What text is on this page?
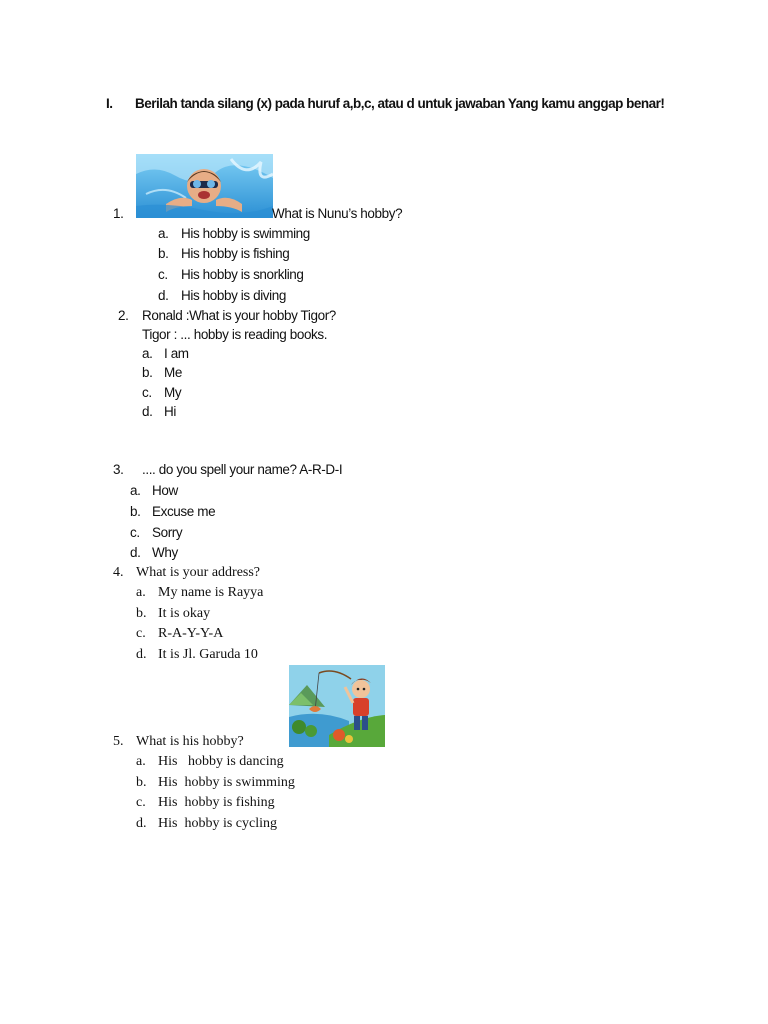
I. Berilah tanda silang (x) pada huruf a,b,c, atau d untuk jawaban Yang kamu anggap benar!
1.	What is Nunu’s hobby?
a. His hobby is swimming
b. His hobby is fishing
c. His hobby is snorkling
d. His hobby is diving
2. Ronald :What is your hobby Tigor?
Tigor : ... hobby is reading books.
a. I am
b. Me
c. My
d. Hi
3. .... do you spell your name? A-R-D-I
a. How
b. Excuse me
c. Sorry
d. Why
4. What is your address?
a. My name is Rayya
b. It is okay
c. R-A-Y-Y-A
d. It is Jl. Garuda 10
5. What is his hobby?
a. His   hobby is dancing
b. His  hobby is swimming
c. His  hobby is fishing
d. His  hobby is cycling
